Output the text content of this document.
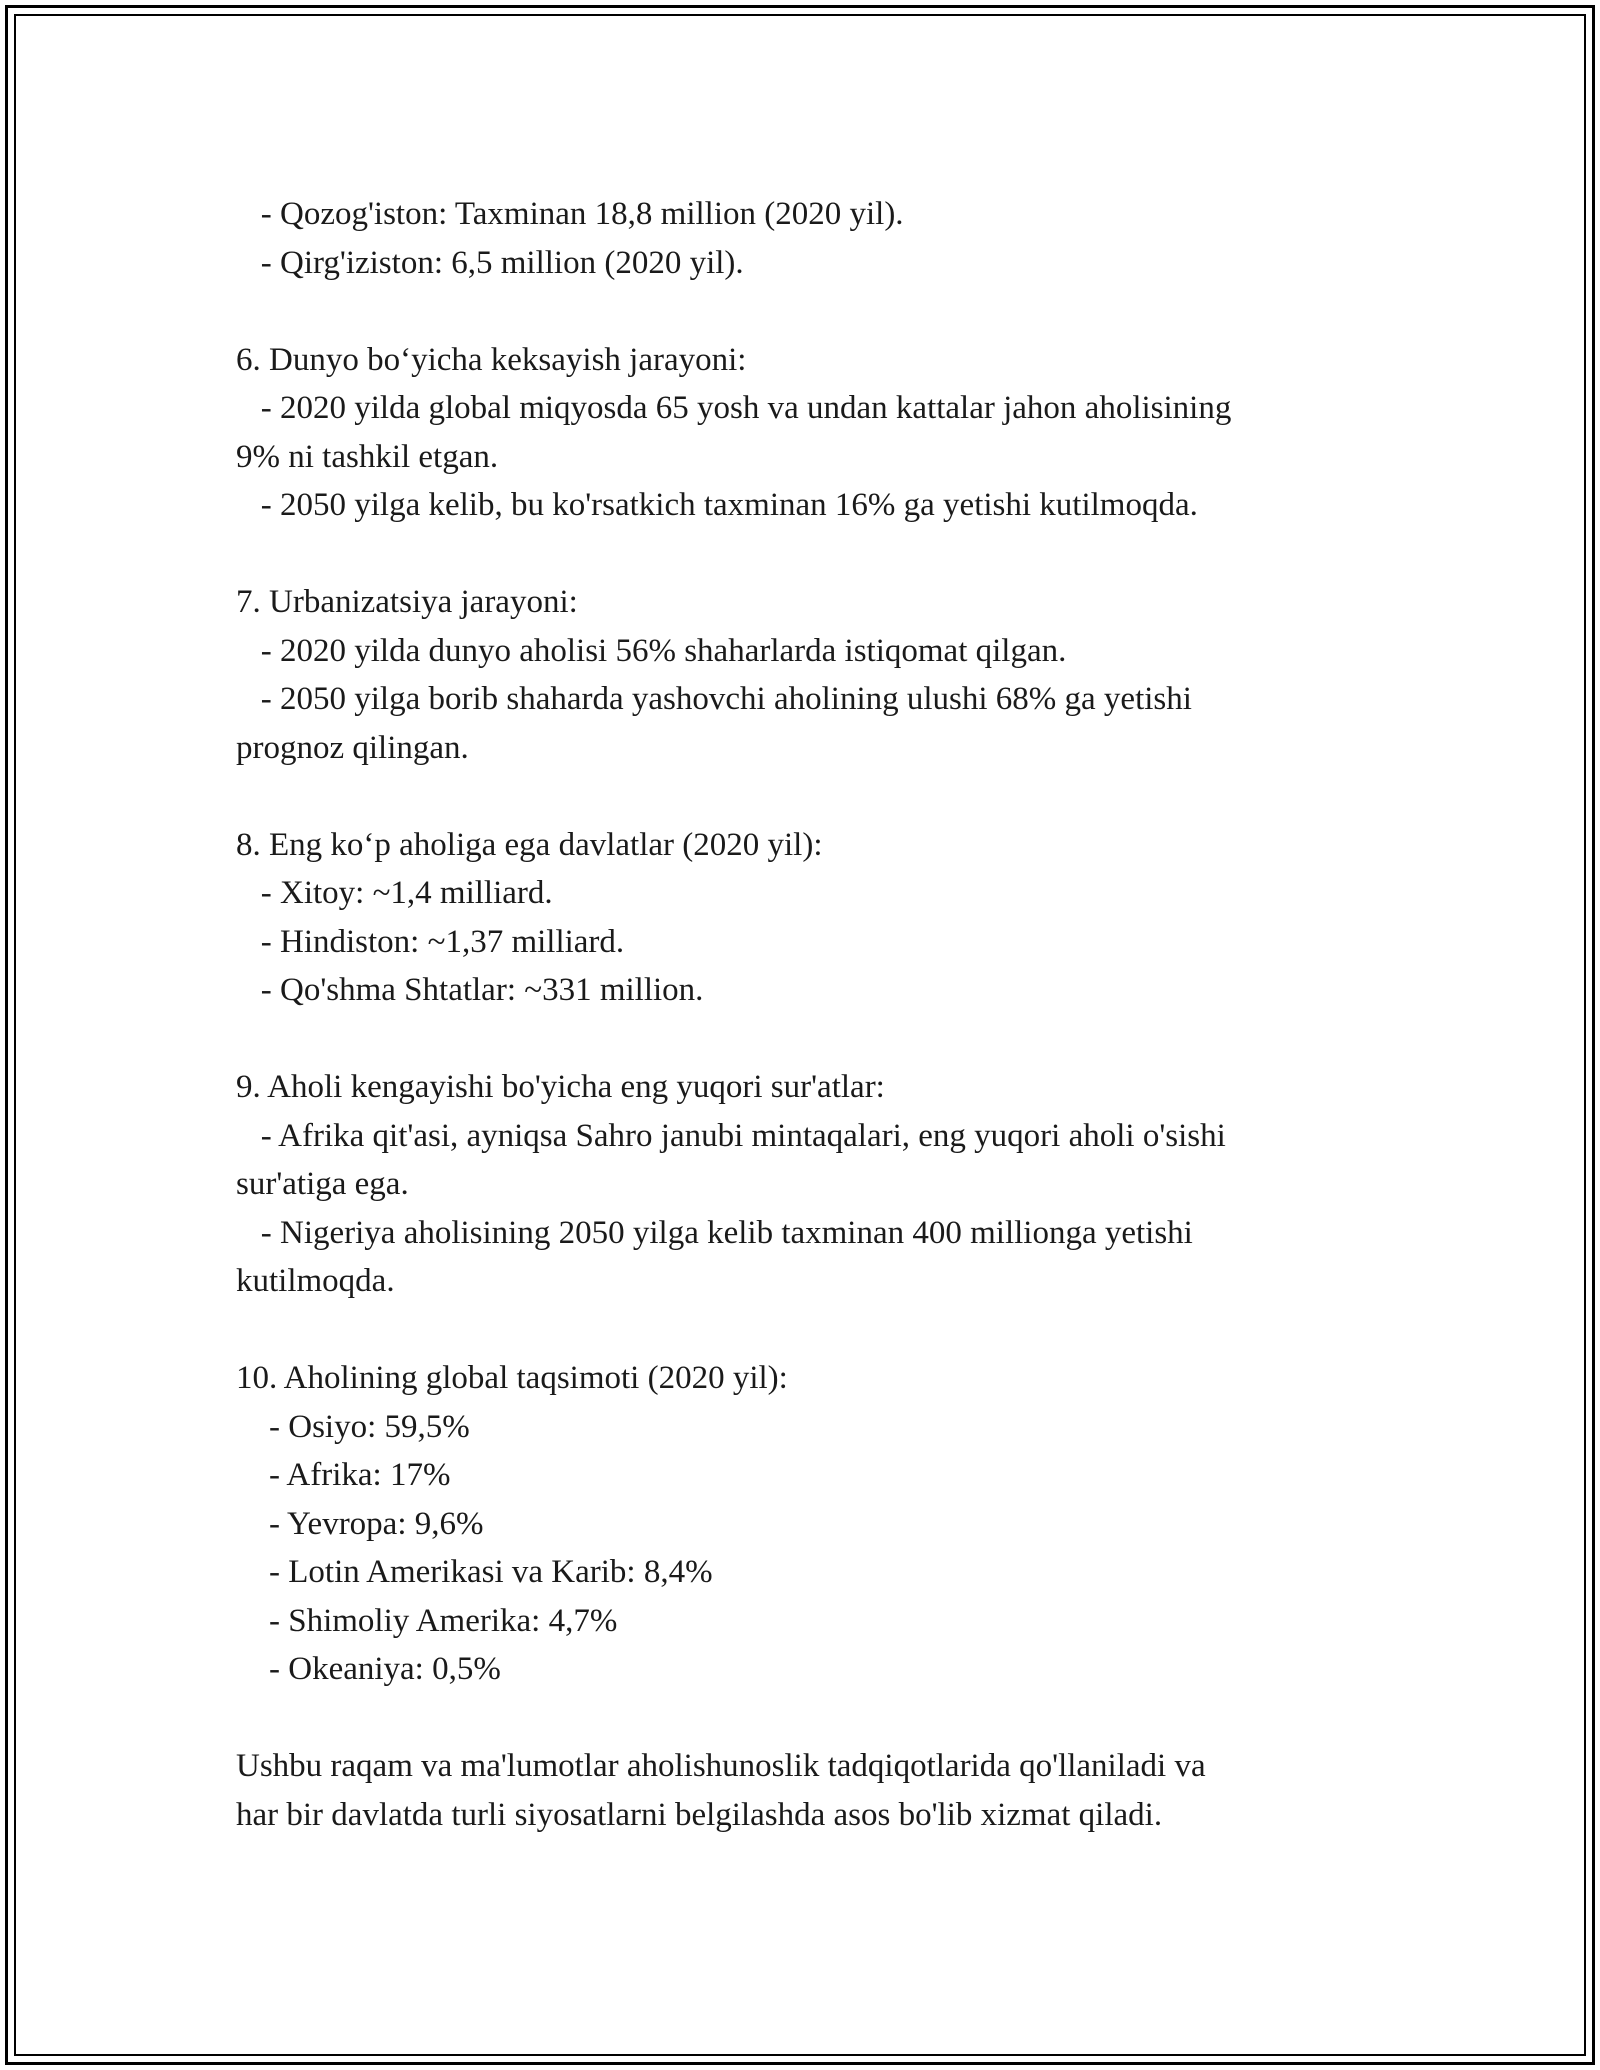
- Qozog'iston: Taxminan 18,8 million (2020 yil).
- Qirg'iziston: 6,5 million (2020 yil).
6. Dunyo bo‘yicha keksayish jarayoni:
- 2020 yilda global miqyosda 65 yosh va undan kattalar jahon aholisining
9% ni tashkil etgan.
- 2050 yilga kelib, bu ko'rsatkich taxminan 16% ga yetishi kutilmoqda.
7. Urbanizatsiya jarayoni:
- 2020 yilda dunyo aholisi 56% shaharlarda istiqomat qilgan.
- 2050 yilga borib shaharda yashovchi aholining ulushi 68% ga yetishi
prognoz qilingan.
8. Eng ko‘p aholiga ega davlatlar (2020 yil):
- Xitoy: ~1,4 milliard.
- Hindiston: ~1,37 milliard.
- Qo'shma Shtatlar: ~331 million.
9. Aholi kengayishi bo'yicha eng yuqori sur'atlar:
- Afrika qit'asi, ayniqsa Sahro janubi mintaqalari, eng yuqori aholi o'sishi
sur'atiga ega.
- Nigeriya aholisining 2050 yilga kelib taxminan 400 millionga yetishi
kutilmoqda.
10. Aholining global taqsimoti (2020 yil):
- Osiyo: 59,5%
- Afrika: 17%
- Yevropa: 9,6%
- Lotin Amerikasi va Karib: 8,4%
- Shimoliy Amerika: 4,7%
- Okeaniya: 0,5%
Ushbu raqam va ma'lumotlar aholishunoslik tadqiqotlarida qo'llaniladi va
har bir davlatda turli siyosatlarni belgilashda asos bo'lib xizmat qiladi.
